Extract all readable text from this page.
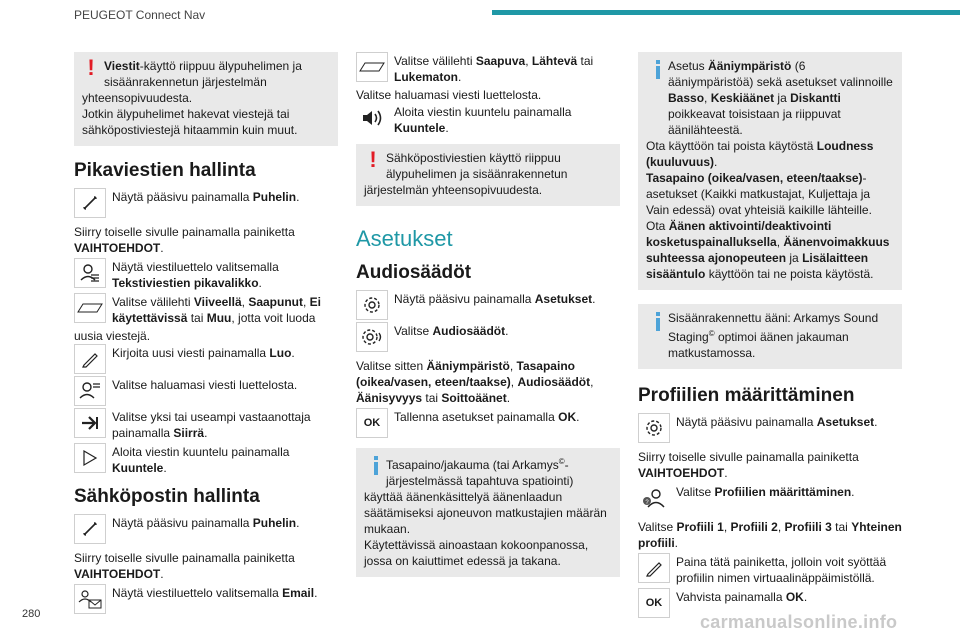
PEUGEOT Connect Nav
! Viestit-käyttö riippuu älypuhelimen ja
sisäänrakennetun järjestelmän
yhteensopivuudesta.
Jotkin älypuhelimet hakevat viestejä tai
sähköpostiviestejä hitaammin kuin muut.
Pikaviestien hallinta
Näytä pääsivu painamalla Puhelin.
Siirry toiselle sivulle painamalla painiketta VAIHTOEHDOT.
Näytä viestiluettelo valitsemalla Tekstiviestien pikavalikko.
Valitse välilehti Viiveellä, Saapunut, Ei käytettävissä tai Muu, jotta voit luoda
uusia viestejä.
Kirjoita uusi viesti painamalla Luo.
Valitse haluamasi viesti luettelosta.
Valitse yksi tai useampi vastaanottaja painamalla Siirrä.
Aloita viestin kuuntelu painamalla Kuuntele.
Sähköpostin hallinta
Näytä pääsivu painamalla Puhelin.
Siirry toiselle sivulle painamalla painiketta VAIHTOEHDOT.
Näytä viestiluettelo valitsemalla Email.
Valitse välilehti Saapuva, Lähtevä tai Lukematon.
Valitse haluamasi viesti luettelosta.
Aloita viestin kuuntelu painamalla Kuuntele.
! Sähköpostiviestien käyttö riippuu
älypuhelimen ja sisäänrakennetun
järjestelmän yhteensopivuudesta.
Asetukset
Audiosäädöt
Näytä pääsivu painamalla Asetukset.
Valitse Audiosäädöt.
Valitse sitten Ääniympäristö, Tasapaino (oikea/vasen, eteen/taakse), Audiosäädöt, Äänisyvyys tai Soittoäänet.
OK Tallenna asetukset painamalla OK.
Tasapaino/jakauma (tai Arkamys©-
järjestelmässä tapahtuva spatiointi)
käyttää äänenkäsittelyä äänenlaadun
säätämiseksi ajoneuvon matkustajien määrän
mukaan.
Käytettävissä ainoastaan kokoonpanossa,
jossa on kaiuttimet edessä ja takana.
Asetus Ääniympäristö (6 ääniympäristöä) sekä asetukset valinnoille Basso, Keskiäänet ja Diskantti poikkeavat toisistaan ja riippuvat äänilähteestä.
Ota käyttöön tai poista käytöstä Loudness (kuuluvuus).
Tasapaino (oikea/vasen, eteen/taakse)-asetukset (Kaikki matkustajat, Kuljettaja ja Vain edessä) ovat yhteisiä kaikille lähteille.
Ota Äänen aktivointi/deaktivointi kosketuspainalluksella, Äänenvoimakkuus suhteessa ajonopeuteen ja Lisälaitteen sisääntulo käyttöön tai ne poista käytöstä.
Sisäänrakennettu ääni: Arkamys Sound Staging© optimoi äänen jakauman matkustamossa.
Profiilien määrittäminen
Näytä pääsivu painamalla Asetukset.
Siirry toiselle sivulle painamalla painiketta VAIHTOEHDOT.
?
Valitse Profiilien määrittäminen.
Valitse Profiili 1, Profiili 2, Profiili 3 tai Yhteinen profiili.
Paina tätä painiketta, jolloin voit syöttää profiilin nimen virtuaalinäppäimistöllä.
OK Vahvista painamalla OK.
280	carmanualsonline.info
